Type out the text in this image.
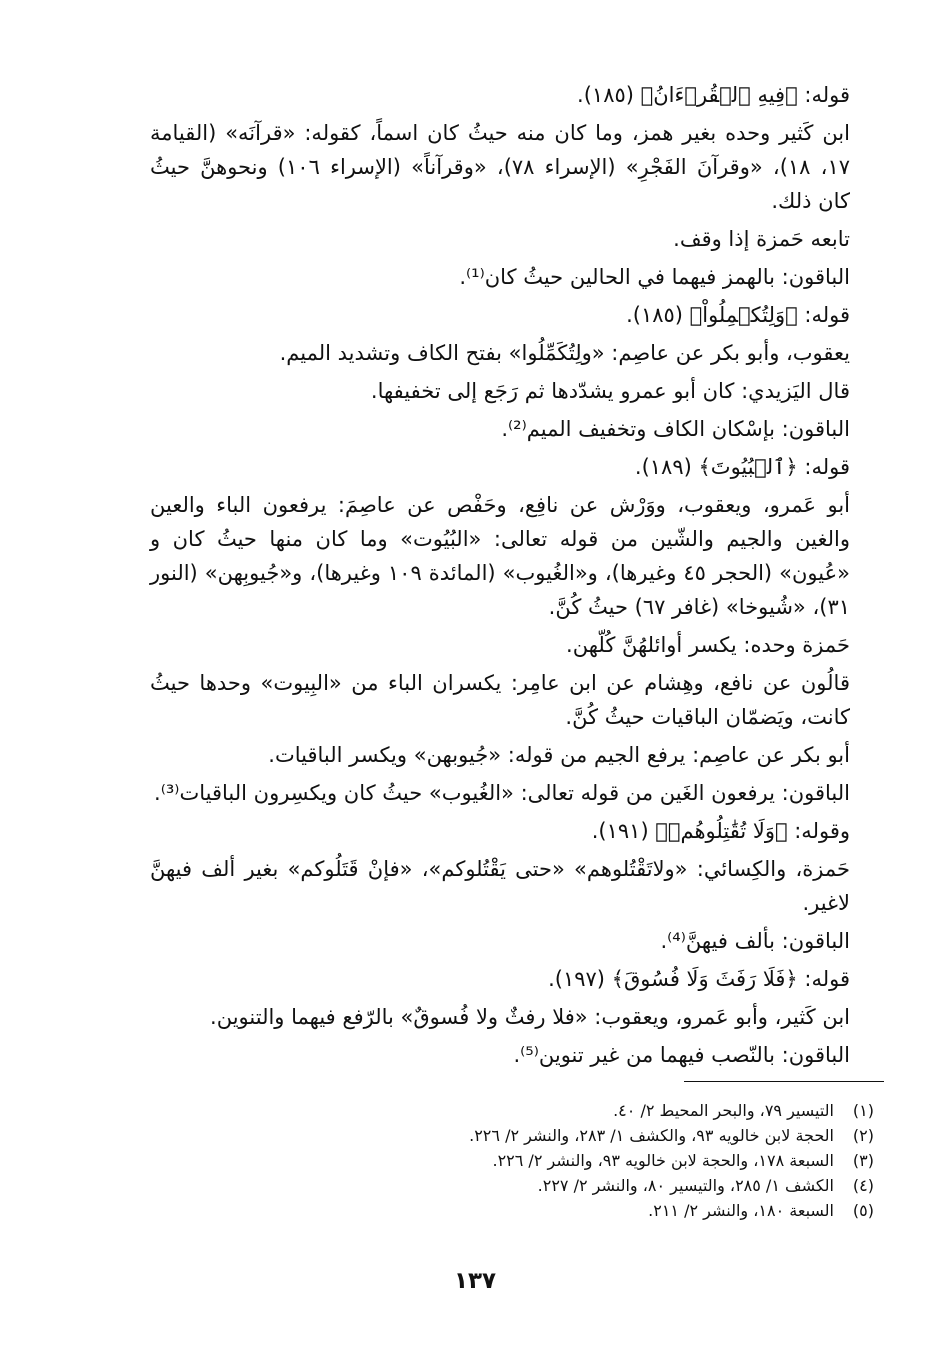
قوله: ﴿فِيهِ ٱلۡقُرۡءَانُ﴾ (١٨٥).

ابن كَثير وحده بغير همز، وما كان منه حيثُ كان اسماً، كقوله: «قرآنَه» (القيامة ١٧، ١٨)، «وقرآنَ الفَجْرِ» (الإسراء ٧٨)، «وقرآناً» (الإسراء ١٠٦) ونحوهنَّ حيثُ كان ذلك.

تابعه حَمزة إذا وقف.

الباقون: بالهمز فيهما في الحالين حيثُ كان⁽¹⁾.

قوله: ﴿وَلِتُكۡمِلُواْ﴾ (١٨٥).

يعقوب، وأبو بكر عن عاصِم: «ولِتُكَمِّلُوا» بفتح الكاف وتشديد الميم.

قال اليَزيدي: كان أبو عمرو يشدّدها ثم رَجَع إلى تخفيفها.

الباقون: بإسْكان الكاف وتخفيف الميم⁽²⁾.

قوله: ﴿ٱلۡبُيُوتَ﴾ (١٨٩).

أبو عَمرو، ويعقوب، ووَرْش عن نافِع، وحَفْص عن عاصِمَ: يرفعون الباء والعين والغين والجيم والشّين من قوله تعالى: «البُيُوت» وما كان منها حيثُ كان و «عُيون» (الحجر ٤٥ وغيرها)، و«الغُيوب» (المائدة ١٠٩ وغيرها)، و«جُيوبِهن» (النور ٣١)، «شُيوخا» (غافر ٦٧) حيثُ كُنَّ.

حَمزة وحده: يكسر أوائلهُنَّ كُلّهن.

قالُون عن نافع، وهِشام عن ابن عامِر: يكسران الباء من «البِيوت» وحدها حيثُ كانت، ويَضمّان الباقيات حيثُ كُنَّ.

أبو بكر عن عاصِم: يرفع الجيم من قوله: «جُيوبهن» ويكسر الباقيات.

الباقون: يرفعون الغَين من قوله تعالى: «الغُيوب» حيثُ كان ويكسِرون الباقيات⁽³⁾.

وقوله: ﴿وَلَا تُقَٰتِلُوهُمۡ﴾ (١٩١).

حَمزة، والكِسائي: «ولاتَقْتُلوهم» «حتى يَقْتُلوكم»، «فإنْ قَتَلُوكم» بغير ألف فيهنَّ لاغير.

الباقون: بألف فيهنَّ⁽⁴⁾.

قوله: ﴿فَلَا رَفَثَ وَلَا فُسُوقَ﴾ (١٩٧).

ابن كَثير، وأبو عَمرو، ويعقوب: «فلا رفثٌ ولا فُسوقٌ» بالرّفع فيهما والتنوين.

الباقون: بالنّصب فيهما من غير تنوين⁽⁵⁾.

(١)التيسير ٧٩، والبحر المحيط ٢/ ٤٠.
(٢)الحجة لابن خالويه ٩٣، والكشف ١/ ٢٨٣، والنشر ٢/ ٢٢٦.
(٣)السبعة ١٧٨، والحجة لابن خالويه ٩٣، والنشر ٢/ ٢٢٦.
(٤)الكشف ١/ ٢٨٥، والتيسير ٨٠، والنشر ٢/ ٢٢٧.
(٥)السبعة ١٨٠، والنشر ٢/ ٢١١.
١٣٧
